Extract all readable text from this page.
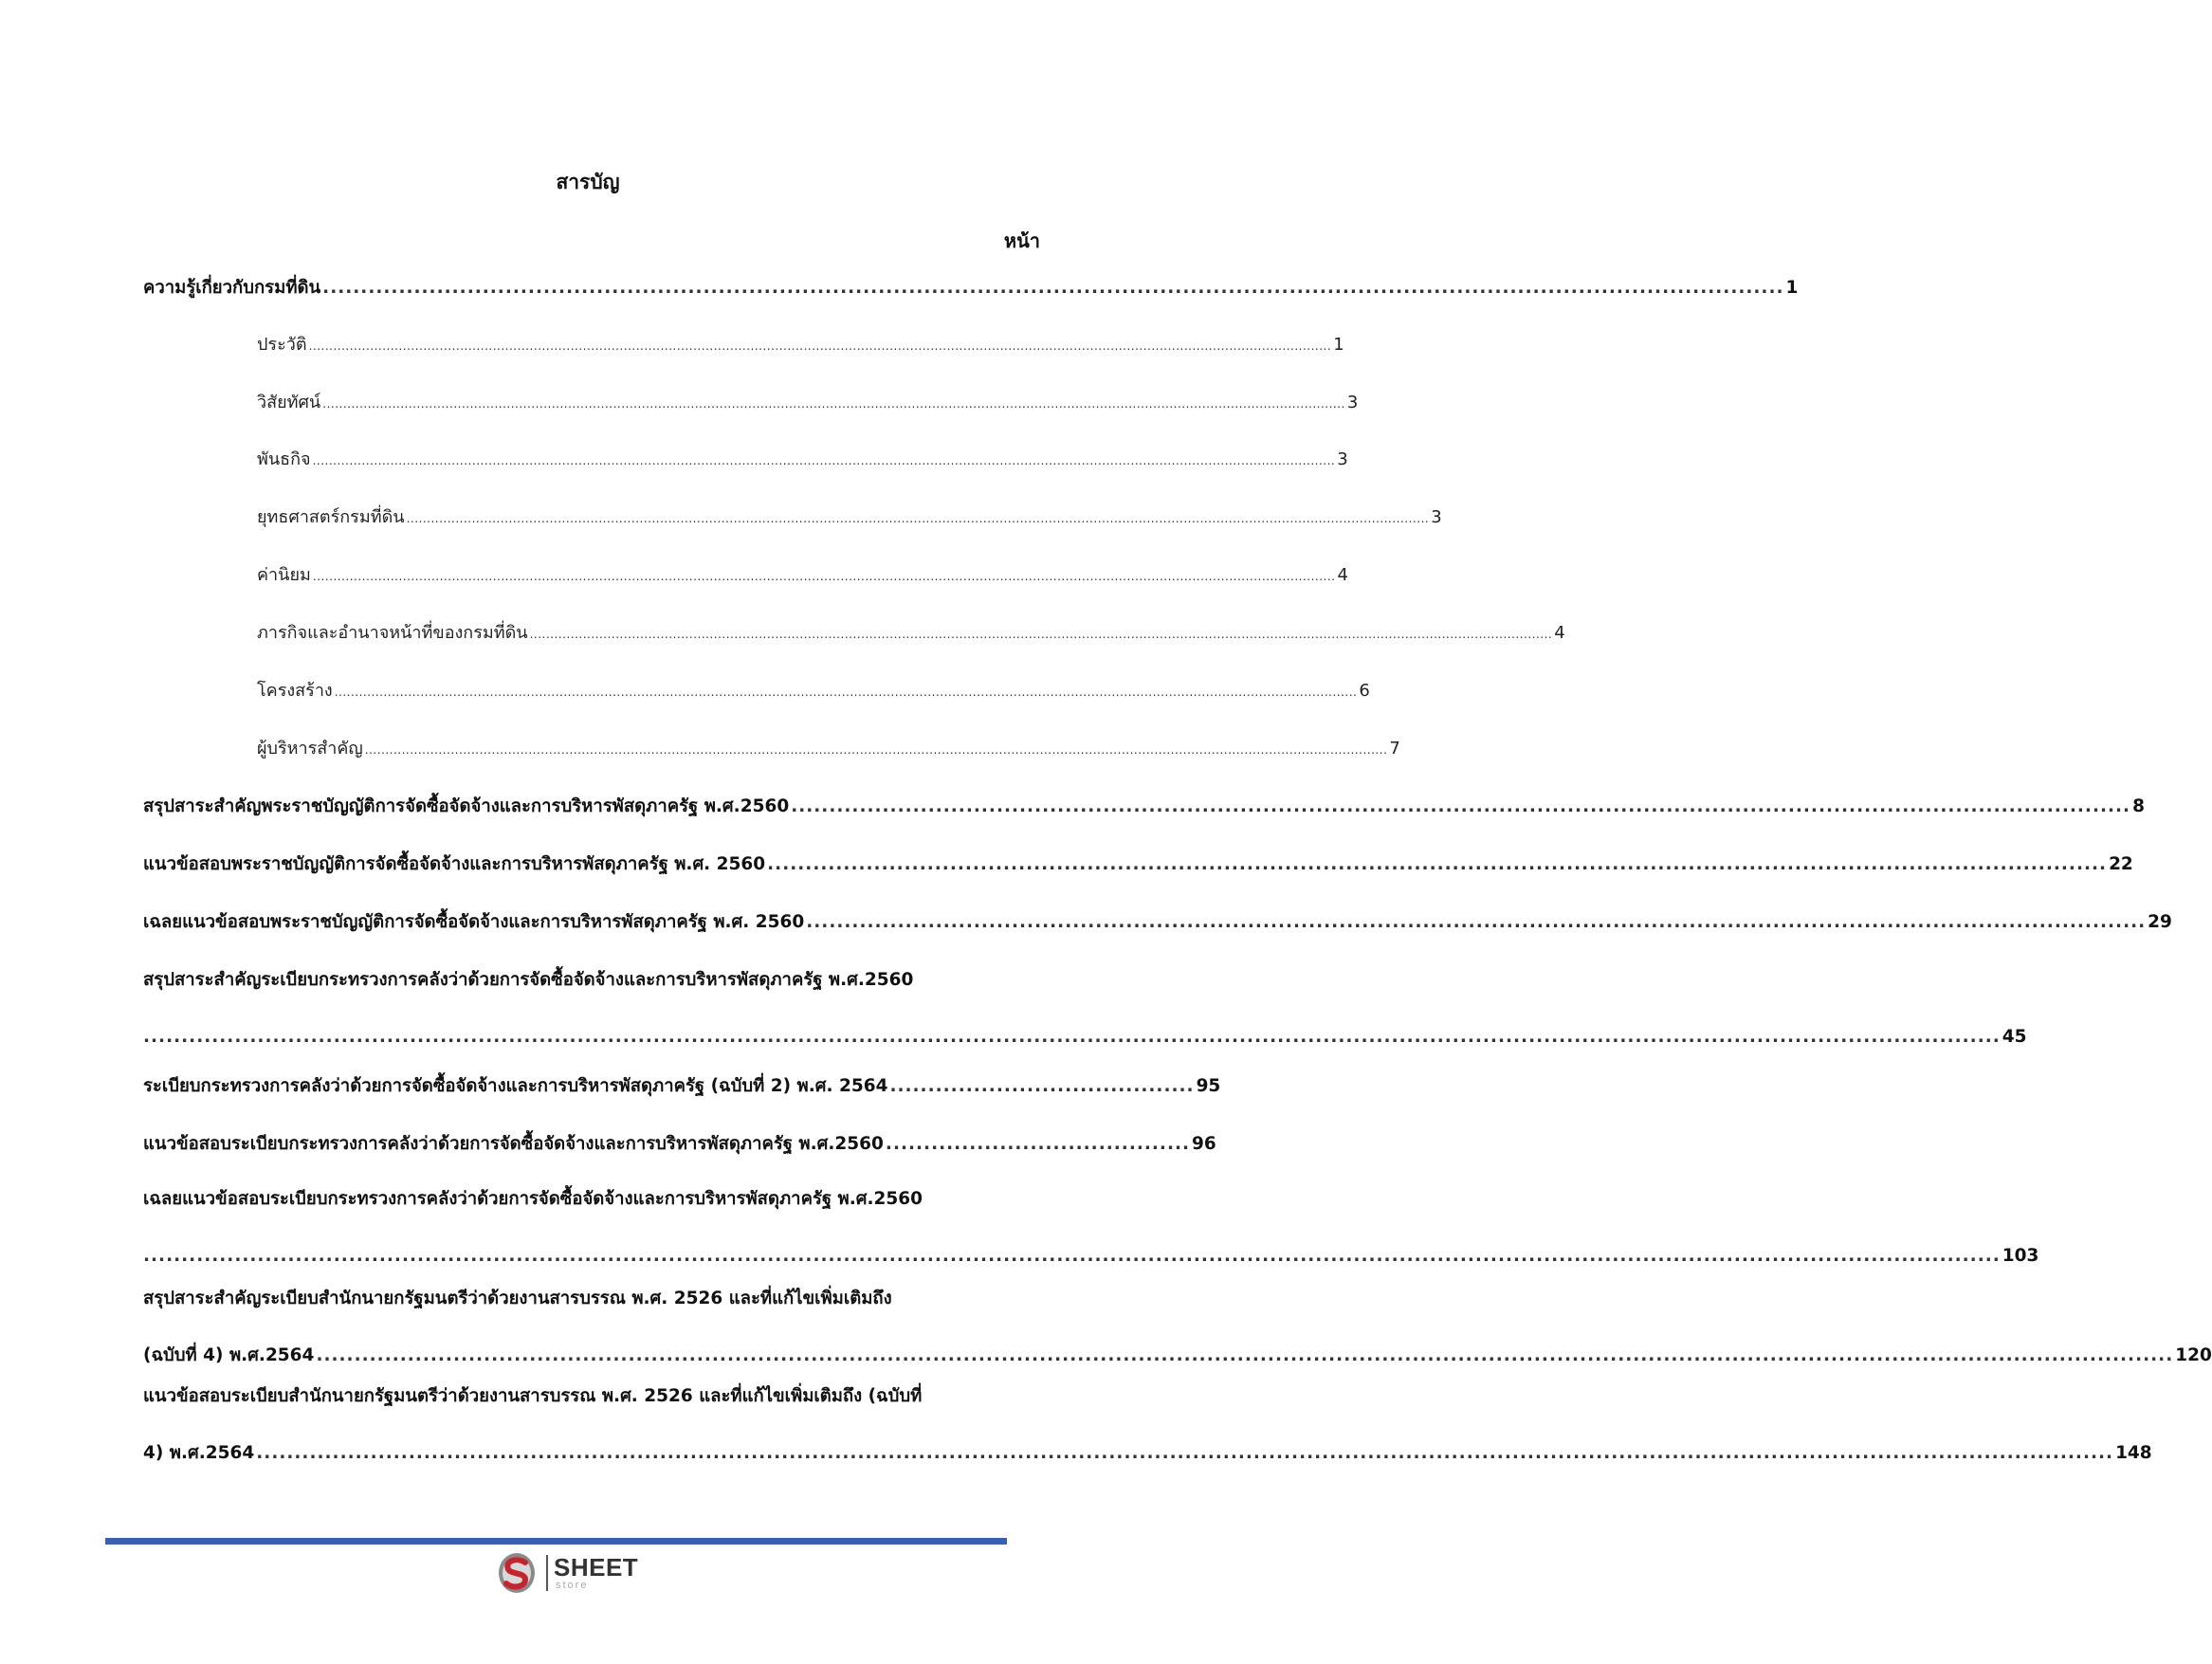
สารบัญ
หน้า
ความรู้เกี่ยวกับกรมที่ดิน ................................................................................................................................................................................................ 1
ประวัติ .......................................................................................................................................................................................................................................................... 1
วิสัยทัศน์ .......................................................................................................................................................................................................................................................... 3
พันธกิจ .......................................................................................................................................................................................................................................................... 3
ยุทธศาสตร์กรมที่ดิน .......................................................................................................................................................................................................................................................... 3
ค่านิยม .......................................................................................................................................................................................................................................................... 4
ภารกิจและอำนาจหน้าที่ของกรมที่ดิน .......................................................................................................................................................................................................................................................... 4
โครงสร้าง .......................................................................................................................................................................................................................................................... 6
ผู้บริหารสำคัญ .......................................................................................................................................................................................................................................................... 7
สรุปสาระสำคัญพระราชบัญญัติการจัดซื้อจัดจ้างและการบริหารพัสดุภาครัฐ พ.ศ.2560 ................................................................................................................................................................................ 8
แนวข้อสอบพระราชบัญญัติการจัดซื้อจัดจ้างและการบริหารพัสดุภาครัฐ พ.ศ. 2560 ................................................................................................................................................................................ 22
เฉลยแนวข้อสอบพระราชบัญญัติการจัดซื้อจัดจ้างและการบริหารพัสดุภาครัฐ พ.ศ. 2560 ................................................................................................................................................................................ 29
สรุปสาระสำคัญระเบียบกระทรวงการคลังว่าด้วยการจัดซื้อจัดจ้างและการบริหารพัสดุภาครัฐ พ.ศ.2560
.................................................................................................................................................................................................................................................... 45
ระเบียบกระทรวงการคลังว่าด้วยการจัดซื้อจัดจ้างและการบริหารพัสดุภาครัฐ (ฉบับที่ 2) พ.ศ. 2564 ........................................ 95
แนวข้อสอบระเบียบกระทรวงการคลังว่าด้วยการจัดซื้อจัดจ้างและการบริหารพัสดุภาครัฐ พ.ศ.2560 ........................................ 96
เฉลยแนวข้อสอบระเบียบกระทรวงการคลังว่าด้วยการจัดซื้อจัดจ้างและการบริหารพัสดุภาครัฐ พ.ศ.2560
.................................................................................................................................................................................................................................................... 103
สรุปสาระสำคัญระเบียบสำนักนายกรัฐมนตรีว่าด้วยงานสารบรรณ พ.ศ. 2526 และที่แก้ไขเพิ่มเติมถึง
(ฉบับที่ 4) พ.ศ.2564 .................................................................................................................................................................................................................................................... 120
แนวข้อสอบระเบียบสำนักนายกรัฐมนตรีว่าด้วยงานสารบรรณ พ.ศ. 2526 และที่แก้ไขเพิ่มเติมถึง (ฉบับที่
4) พ.ศ.2564 .................................................................................................................................................................................................................................................... 148
SHEET
store
